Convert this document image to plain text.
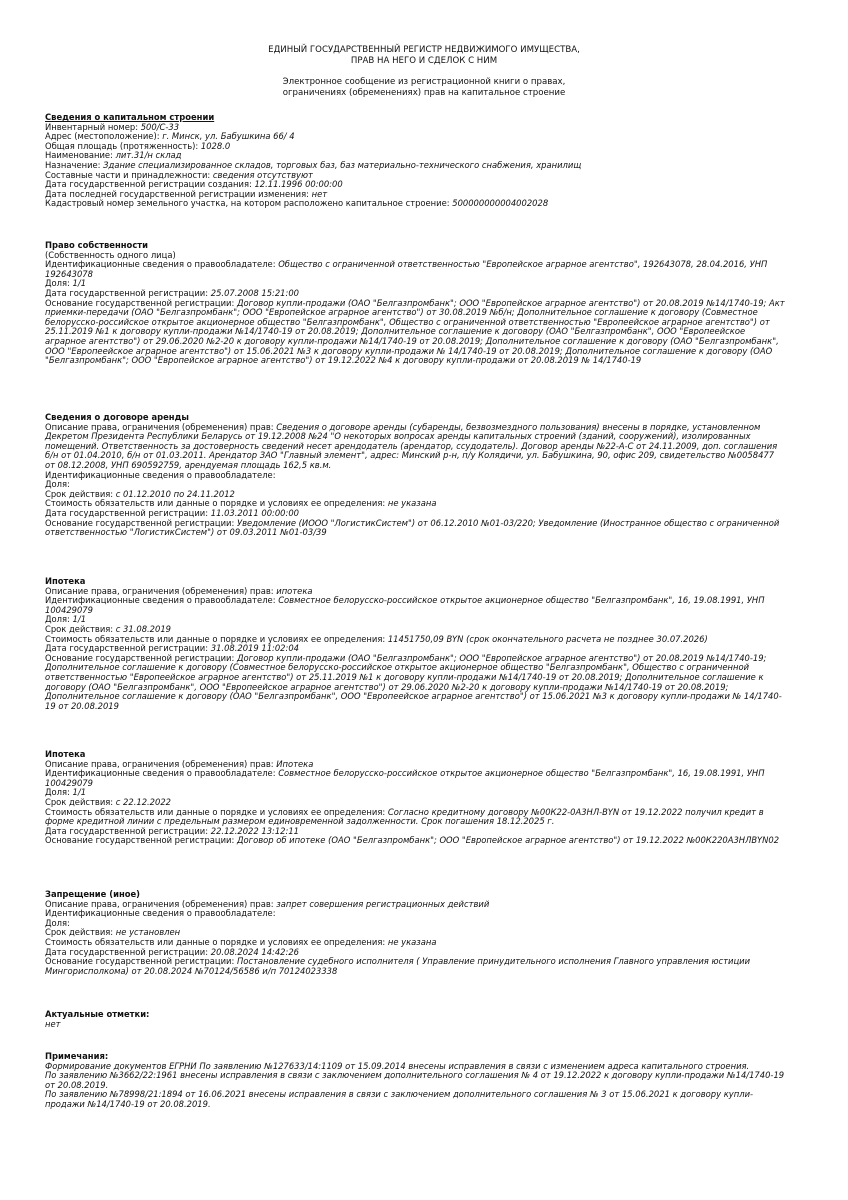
ЕДИНЫЙ ГОСУДАРСТВЕННЫЙ РЕГИСТР НЕДВИЖИМОГО ИМУЩЕСТВА,
ПРАВ НА НЕГО И СДЕЛОК С НИМ
Электронное сообщение из регистрационной книги о правах,
ограничениях (обременениях) прав на капитальное строение
Сведения о капитальном строении
Инвентарный номер: 500/C-33
Адрес (местоположение): г. Минск, ул. Бабушкина 66/ 4
Общая площадь (протяженность): 1028.0
Наименование: лит.31/н склад
Назначение: Здание специализированное складов, торговых баз, баз материально-технического снабжения, хранилищ
Составные части и принадлежности: сведения отсутствуют
Дата государственной регистрации создания: 12.11.1996 00:00:00
Дата последней государственной регистрации изменения: нет
Кадастровый номер земельного участка, на котором расположено капитальное строение: 500000000004002028
Право собственности
(Собственность одного лица)
Идентификационные сведения о правообладателе: Общество с ограниченной ответственностью "Европейское аграрное агентство", 192643078, 28.04.2016, УНП 192643078
Доля: 1/1
Дата государственной регистрации: 25.07.2008 15:21:00
Основание государственной регистрации: Договор купли-продажи (ОАО "Белгазпромбанк"; ООО "Европейское аграрное агентство") от 20.08.2019 №14/1740-19; Акт приемки-передачи (ОАО "Белгазпромбанк"; ООО "Европейское аграрное агентство") от 30.08.2019 №б/н; Дополнительное соглашение к договору (Совместное белорусско-российское открытое акционерное общество "Белгазпромбанк", Общество с ограниченной ответственностью "Европеейское аграрное агентство") от 25.11.2019 №1 к договору купли-продажи №14/1740-19 от 20.08.2019; Дополнительное соглашение к договору (ОАО "Белгазпромбанк", ООО "Европеейское аграрное агентство") от 29.06.2020 №2-20 к договору купли-продажи №14/1740-19 от 20.08.2019; Дополнительное соглашение к договору (ОАО "Белгазпромбанк", ООО "Европеейское аграрное агентство") от 15.06.2021 №3 к договору купли-продажи № 14/1740-19 от 20.08.2019; Дополнительное соглашение к договору (ОАО "Белгазпромбанк"; ООО "Европейское аграрное агентство") от 19.12.2022 №4 к договору купли-продажи от 20.08.2019 № 14/1740-19
Сведения о договоре аренды
Описание права, ограничения (обременения) прав: Сведения о договоре аренды (субаренды, безвозмездного пользования) внесены в порядке, установленном Декретом Президента Республики Беларусь от 19.12.2008 №24 "О некоторых вопросах аренды капитальных строений (зданий, сооружений), изолированных помещений. Ответственность за достоверность сведений несет арендодатель (арендатор, ссудодатель). Договор аренды №22-А-С от 24.11.2009, доп. соглашения б/н от 01.04.2010, б/н от 01.03.2011. Арендатор ЗАО "Главный элемент", адрес: Минский р-н, п/у Колядичи, ул. Бабушкина, 90, офис 209, свидетельство №0058477 от 08.12.2008, УНП 690592759, арендуемая площадь 162,5 кв.м.
Идентификационные сведения о правообладателе:
Доля:
Срок действия: с 01.12.2010 по 24.11.2012
Стоимость обязательств или данные о порядке и условиях ее определения: не указана
Дата государственной регистрации: 11.03.2011 00:00:00
Основание государственной регистрации: Уведомление (ИООО "ЛогистикСистем") от 06.12.2010 №01-03/220; Уведомление (Иностранное общество с ограниченной ответственностью "ЛогистикСистем") от 09.03.2011 №01-03/39
Ипотека
Описание права, ограничения (обременения) прав: ипотека
Идентификационные сведения о правообладателе: Совместное белорусско-российское открытое акционерное общество "Белгазпромбанк", 16, 19.08.1991, УНП 100429079
Доля: 1/1
Срок действия: с 31.08.2019
Стоимость обязательств или данные о порядке и условиях ее определения: 11451750,09 BYN (срок окончательного расчета не позднее 30.07.2026)
Дата государственной регистрации: 31.08.2019 11:02:04
Основание государственной регистрации: Договор купли-продажи (ОАО "Белгазпромбанк"; ООО "Европейское аграрное агентство") от 20.08.2019 №14/1740-19; Дополнительное соглашение к договору (Совместное белорусско-российское открытое акционерное общество "Белгазпромбанк", Общество с ограниченной ответственностью "Европеейское аграрное агентство") от 25.11.2019 №1 к договору купли-продажи №14/1740-19 от 20.08.2019; Дополнительное соглашение к договору (ОАО "Белгазпромбанк", ООО "Европеейское аграрное агентство") от 29.06.2020 №2-20 к договору купли-продажи №14/1740-19 от 20.08.2019; Дополнительное соглашение к договору (ОАО "Белгазпромбанк", ООО "Европеейское аграрное агентство") от 15.06.2021 №3 к договору купли-продажи № 14/1740-19 от 20.08.2019
Ипотека
Описание права, ограничения (обременения) прав: Ипотека
Идентификационные сведения о правообладателе: Совместное белорусско-российское открытое акционерное общество "Белгазпромбанк", 16, 19.08.1991, УНП 100429079
Доля: 1/1
Срок действия: с 22.12.2022
Стоимость обязательств или данные о порядке и условиях ее определения: Согласно кредитному договору №00К22-0А3НЛ-BYN от 19.12.2022 получил кредит в форме кредитной линии с предельным размером единовременной задолженности. Срок погашения 18.12.2025 г.
Дата государственной регистрации: 22.12.2022 13:12:11
Основание государственной регистрации: Договор об ипотеке (ОАО "Белгазпромбанк"; ООО "Европейское аграрное агентство") от 19.12.2022 №00К220А3НЛBYN02
Запрещение (иное)
Описание права, ограничения (обременения) прав: запрет совершения регистрационных действий
Идентификационные сведения о правообладателе:
Доля:
Срок действия: не установлен
Стоимость обязательств или данные о порядке и условиях ее определения: не указана
Дата государственной регистрации: 20.08.2024 14:42:26
Основание государственной регистрации: Постановление судебного исполнителя ( Управление принудительного исполнения Главного управления юстиции Мингорисполкома) от 20.08.2024 №70124/56586 и/п 70124023338
Актуальные отметки:
нет
Примечания:
Формирование документов ЕГРНИ По заявлению №127633/14:1109 от 15.09.2014 внесены исправления в связи с изменением адреса капитального строения.
По заявлению №3662/22:1961 внесены исправления в связи с заключением дополнительного соглашения № 4 от 19.12.2022 к договору купли-продажи №14/1740-19 от 20.08.2019.
По заявлению №78998/21:1894 от 16.06.2021 внесены исправления в связи с заключением дополнительного соглашения № 3 от 15.06.2021 к договору купли-продажи №14/1740-19 от 20.08.2019.
